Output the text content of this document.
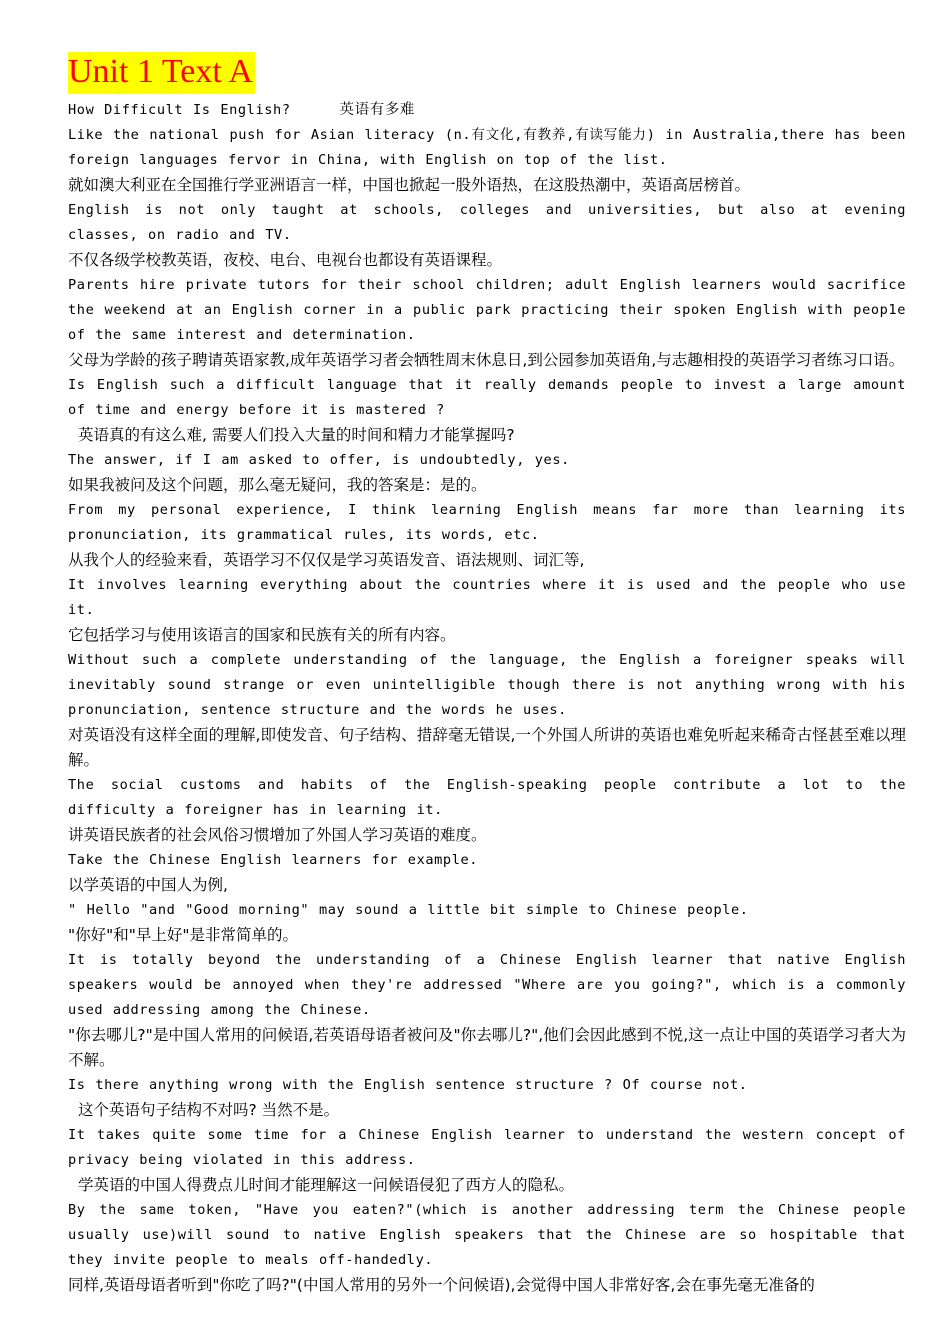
Unit 1 Text A

How Difficult Is English?	英语有多难

Like the national push for Asian literacy (n.有文化,有教养,有读写能力) in Australia,there has been foreign languages fervor in China, with English on top of the list.

就如澳大利亚在全国推行学亚洲语言一样，中国也掀起一股外语热，在这股热潮中，英语高居榜首。

English is not only taught at schools, colleges and universities, but also at evening classes, on radio and TV.

不仅各级学校教英语，夜校、电台、电视台也都设有英语课程。

Parents hire private tutors for their school children; adult English learners would sacrifice the weekend at an English corner in a public park practicing their spoken English with peop1e of the same interest and determination.

父母为学龄的孩子聘请英语家教,成年英语学习者会牺牲周末休息日,到公园参加英语角,与志趣相投的英语学习者练习口语。

Is English such a difficult language that it really demands people to invest a large amount of time and energy before it is mastered ?

英语真的有这么难, 需要人们投入大量的时间和精力才能掌握吗?

The answer, if I am asked to offer, is undoubtedly, yes.

如果我被问及这个问题，那么毫无疑问，我的答案是：是的。

From my personal experience, I think learning English means far more than learning its pronunciation, its grammatical rules, its words, etc.

从我个人的经验来看，英语学习不仅仅是学习英语发音、语法规则、词汇等,

It involves learning everything about the countries where it is used and the people who use it.

它包括学习与使用该语言的国家和民族有关的所有内容。

Without such a complete understanding of the language, the English a foreigner speaks will inevitably sound strange or even unintelligible though there is not anything wrong with his pronunciation, sentence structure and the words he uses.

对英语没有这样全面的理解,即使发音、句子结构、措辞毫无错误,一个外国人所讲的英语也难免听起来稀奇古怪甚至难以理解。

The social customs and habits of the English-speaking people contribute a lot to the difficulty a foreigner has in learning it.

讲英语民族者的社会风俗习惯增加了外国人学习英语的难度。

Take the Chinese English learners for example.

以学英语的中国人为例,

" Hello "and "Good morning" may sound a little bit simple to Chinese people.

"你好"和"早上好"是非常简单的。

It is totally beyond the understanding of a Chinese English learner that native English speakers would be annoyed when they're addressed "Where are you going?", which is a commonly used addressing among the Chinese.

"你去哪儿?"是中国人常用的问候语,若英语母语者被问及"你去哪儿?",他们会因此感到不悦,这一点让中国的英语学习者大为不解。

Is there anything wrong with the English sentence structure ? Of course not.

这个英语句子结构不对吗? 当然不是。

It takes quite some time for a Chinese English learner to understand the western concept of privacy being violated in this address.

学英语的中国人得费点儿时间才能理解这一问候语侵犯了西方人的隐私。

By the same token, "Have you eaten?"(which is another addressing term the Chinese people usually use)will sound to native English speakers that the Chinese are so hospitable that they invite people to meals off-handedly.

同样,英语母语者听到"你吃了吗?"(中国人常用的另外一个问候语),会觉得中国人非常好客,会在事先毫无准备的
